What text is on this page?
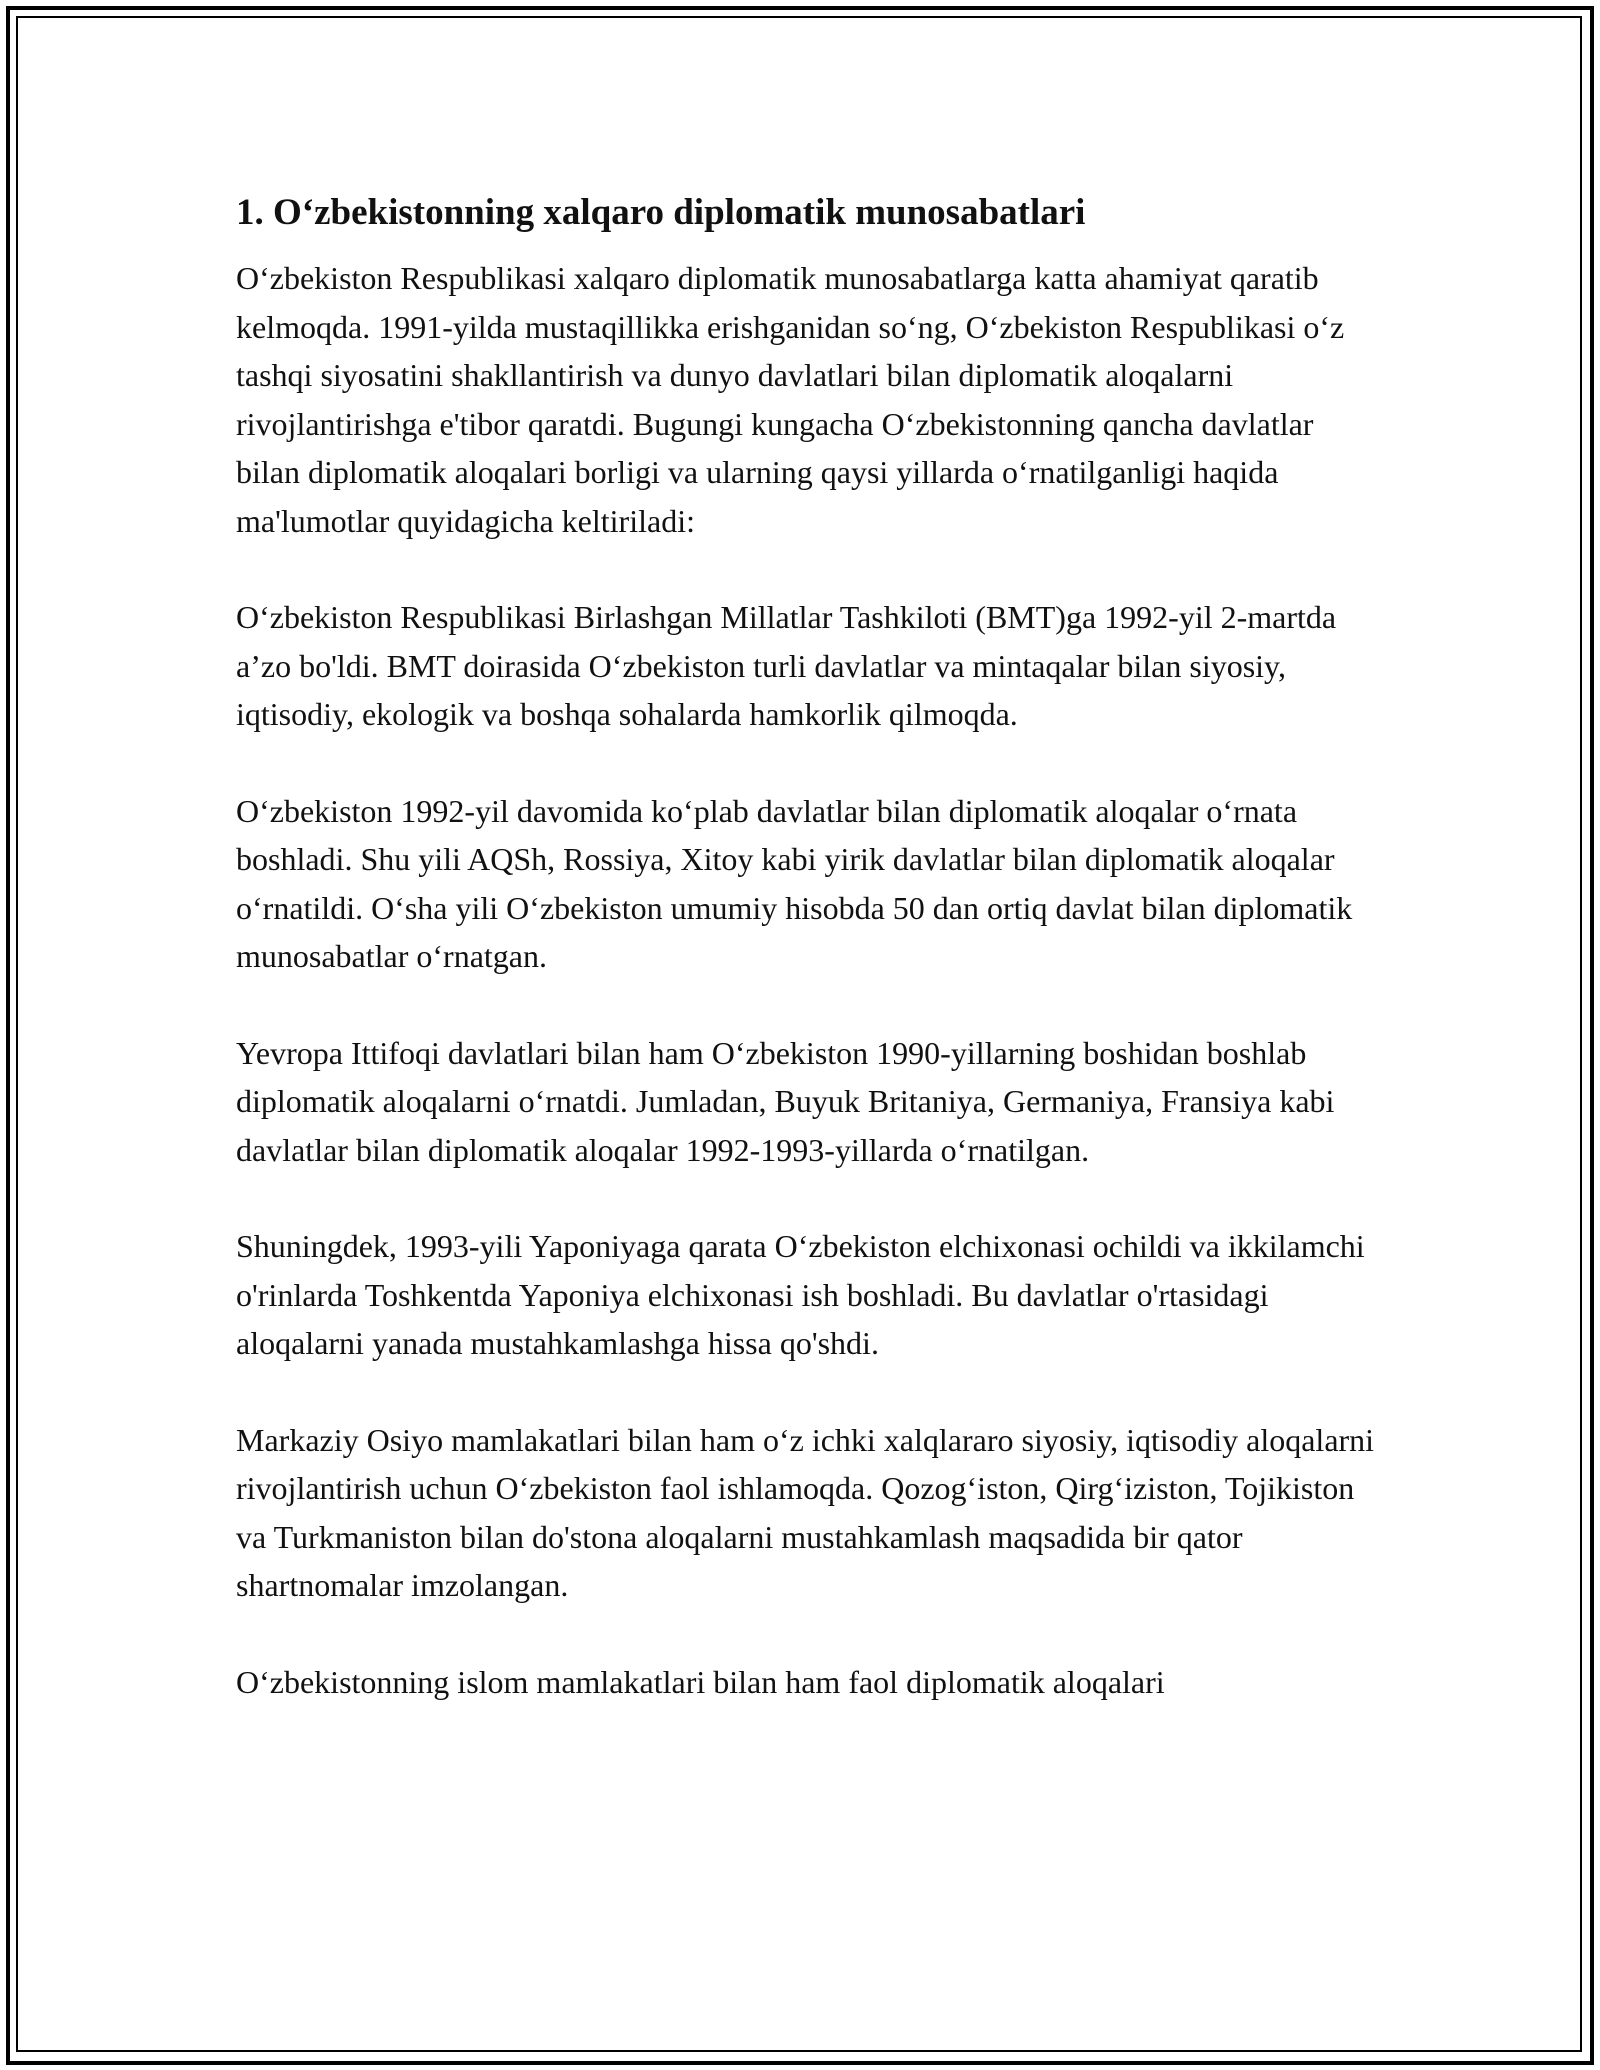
1. O‘zbekistonning xalqaro diplomatik munosabatlari

O‘zbekiston Respublikasi xalqaro diplomatik munosabatlarga katta ahamiyat qaratib kelmoqda. 1991-yilda mustaqillikka erishganidan so‘ng, O‘zbekiston Respublikasi o‘z tashqi siyosatini shakllantirish va dunyo davlatlari bilan diplomatik aloqalarni rivojlantirishga e'tibor qaratdi. Bugungi kungacha O‘zbekistonning qancha davlatlar bilan diplomatik aloqalari borligi va ularning qaysi yillarda o‘rnatilganligi haqida ma'lumotlar quyidagicha keltiriladi:

O‘zbekiston Respublikasi Birlashgan Millatlar Tashkiloti (BMT)ga 1992-yil 2-martda a’zo bo'ldi. BMT doirasida O‘zbekiston turli davlatlar va mintaqalar bilan siyosiy, iqtisodiy, ekologik va boshqa sohalarda hamkorlik qilmoqda.

O‘zbekiston 1992-yil davomida ko‘plab davlatlar bilan diplomatik aloqalar o‘rnata boshladi. Shu yili AQSh, Rossiya, Xitoy kabi yirik davlatlar bilan diplomatik aloqalar o‘rnatildi. O‘sha yili O‘zbekiston umumiy hisobda 50 dan ortiq davlat bilan diplomatik munosabatlar o‘rnatgan.

Yevropa Ittifoqi davlatlari bilan ham O‘zbekiston 1990-yillarning boshidan boshlab diplomatik aloqalarni o‘rnatdi. Jumladan, Buyuk Britaniya, Germaniya, Fransiya kabi davlatlar bilan diplomatik aloqalar 1992-1993-yillarda o‘rnatilgan.

Shuningdek, 1993-yili Yaponiyaga qarata O‘zbekiston elchixonasi ochildi va ikkilamchi o'rinlarda Toshkentda Yaponiya elchixonasi ish boshladi. Bu davlatlar o'rtasidagi aloqalarni yanada mustahkamlashga hissa qo'shdi.

Markaziy Osiyo mamlakatlari bilan ham o‘z ichki xalqlararo siyosiy, iqtisodiy aloqalarni rivojlantirish uchun O‘zbekiston faol ishlamoqda. Qozog‘iston, Qirg‘iziston, Tojikiston va Turkmaniston bilan do'stona aloqalarni mustahkamlash maqsadida bir qator shartnomalar imzolangan.

O‘zbekistonning islom mamlakatlari bilan ham faol diplomatik aloqalari
